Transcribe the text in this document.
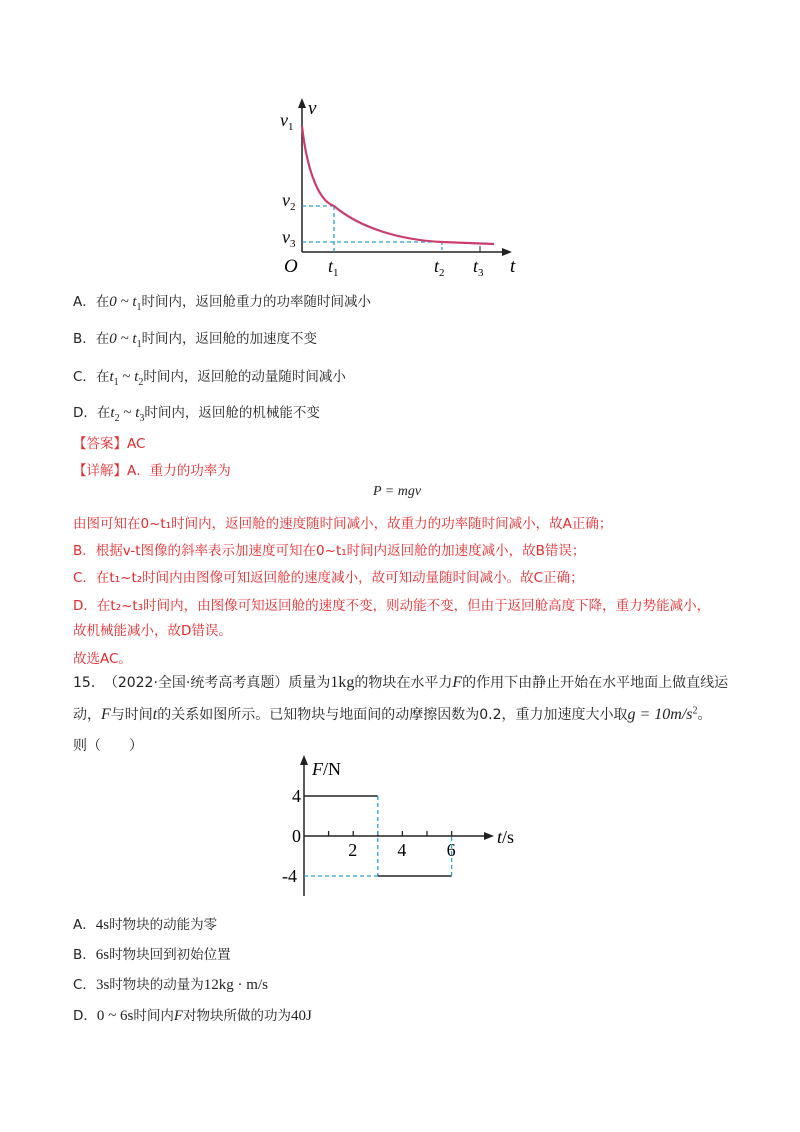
v
$v_1$
$v_2$
$v_3$
O $t_1$	$t_2$ $t_3$ t
A．在0 ~ $t_1$时间内，返回舱重力的功率随时间减小
B．在0 ~ $t_1$时间内，返回舱的加速度不变
C．在$t_1$ ~ $t_2$时间内，返回舱的动量随时间减小
D．在$t_2$ ~ $t_3$时间内，返回舱的机械能不变
【答案】AC
【详解】A．重力的功率为
P = mgv
由图可知在0~t₁时间内，返回舱的速度随时间减小，故重力的功率随时间减小，故A正确；
B．根据v-t图像的斜率表示加速度可知在0~t₁时间内返回舱的加速度减小，故B错误；
C．在t₁~t₂时间内由图像可知返回舱的速度减小，故可知动量随时间减小。故C正确；
D．在t₂~t₃时间内，由图像可知返回舱的速度不变，则动能不变，但由于返回舱高度下降，重力势能减小，
故机械能减小，故D错误。
故选AC。
15． （2022·全国·统考高考真题）质量为1kg的物块在水平力F的作用下由静止开始在水平地面上做直线运
动，F与时间t的关系如图所示。已知物块与地面间的动摩擦因数为0.2，重力加速度大小取$g = 10m/s^2$。
则（　　）
F/N
t/s
2 4 6
4
0
-4
A．4s时物块的动能为零
B．6s时物块回到初始位置
C．3s时物块的动量为12kg · m/s
D．0 ~ 6s时间内F对物块所做的功为40J
